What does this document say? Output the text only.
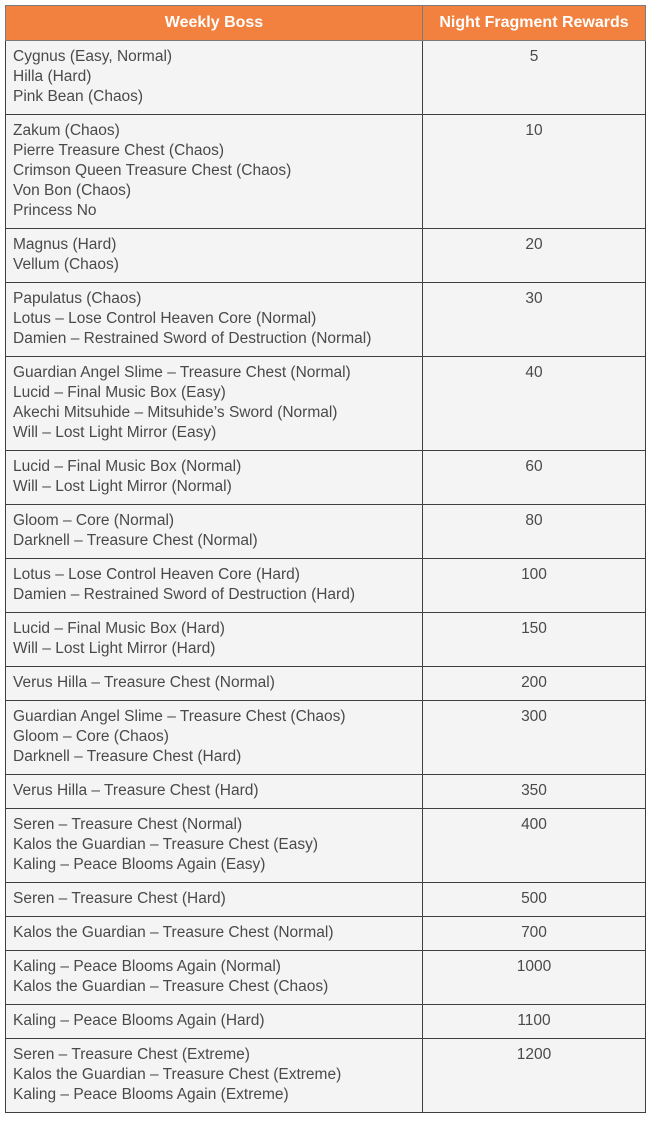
Weekly Boss	Night Fragment Rewards

Cygnus (Easy, Normal)
Hilla (Hard)
Pink Bean (Chaos)	5

Zakum (Chaos)
Pierre Treasure Chest (Chaos)
Crimson Queen Treasure Chest (Chaos)
Von Bon (Chaos)
Princess No	10

Magnus (Hard)
Vellum (Chaos)	20

Papulatus (Chaos)
Lotus – Lose Control Heaven Core (Normal)
Damien – Restrained Sword of Destruction (Normal)	30

Guardian Angel Slime – Treasure Chest (Normal)
Lucid – Final Music Box (Easy)
Akechi Mitsuhide – Mitsuhide’s Sword (Normal)
Will – Lost Light Mirror (Easy)	40

Lucid – Final Music Box (Normal)
Will – Lost Light Mirror (Normal)	60

Gloom – Core (Normal)
Darknell – Treasure Chest (Normal)	80

Lotus – Lose Control Heaven Core (Hard)
Damien – Restrained Sword of Destruction (Hard)	100

Lucid – Final Music Box (Hard)
Will – Lost Light Mirror (Hard)	150

Verus Hilla – Treasure Chest (Normal)	200

Guardian Angel Slime – Treasure Chest (Chaos)
Gloom – Core (Chaos)
Darknell – Treasure Chest (Hard)	300

Verus Hilla – Treasure Chest (Hard)	350

Seren – Treasure Chest (Normal)
Kalos the Guardian – Treasure Chest (Easy)
Kaling – Peace Blooms Again (Easy)	400

Seren – Treasure Chest (Hard)	500

Kalos the Guardian – Treasure Chest (Normal)	700

Kaling – Peace Blooms Again (Normal)
Kalos the Guardian – Treasure Chest (Chaos)	1000

Kaling – Peace Blooms Again (Hard)	1100

Seren – Treasure Chest (Extreme)
Kalos the Guardian – Treasure Chest (Extreme)
Kaling – Peace Blooms Again (Extreme)	1200
